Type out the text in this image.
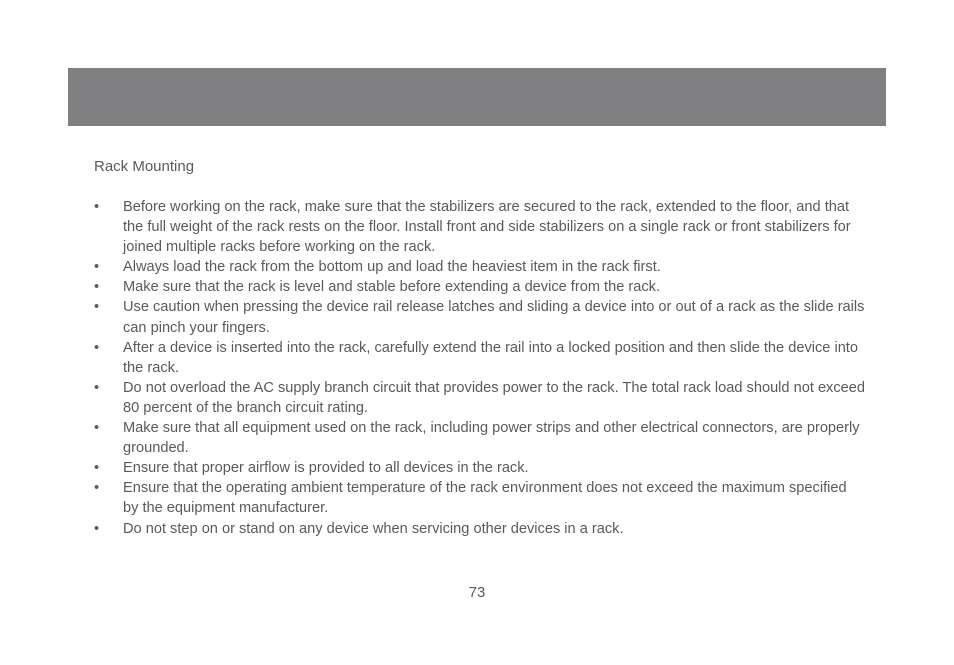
Rack Mounting
•	Before working on the rack, make sure that the stabilizers are secured to the rack, extended to the floor, and that the full weight of the rack rests on the floor. Install front and side stabilizers on a single rack or front stabilizers for joined multiple racks before working on the rack.
•	Always load the rack from the bottom up and load the heaviest item in the rack first.
•	Make sure that the rack is level and stable before extending a device from the rack.
•	Use caution when pressing the device rail release latches and sliding a device into or out of a rack as the slide rails can pinch your fingers.
•	After a device is inserted into the rack, carefully extend the rail into a locked position and then slide the device into the rack.
•	Do not overload the AC supply branch circuit that provides power to the rack. The total rack load should not exceed 80 percent of the branch circuit rating.
•	Make sure that all equipment used on the rack, including power strips and other electrical connectors, are properly grounded.
•	Ensure that proper airflow is provided to all devices in the rack.
•	Ensure that the operating ambient temperature of the rack environment does not exceed the maximum specified by the equipment manufacturer.
•	Do not step on or stand on any device when servicing other devices in a rack.
73
